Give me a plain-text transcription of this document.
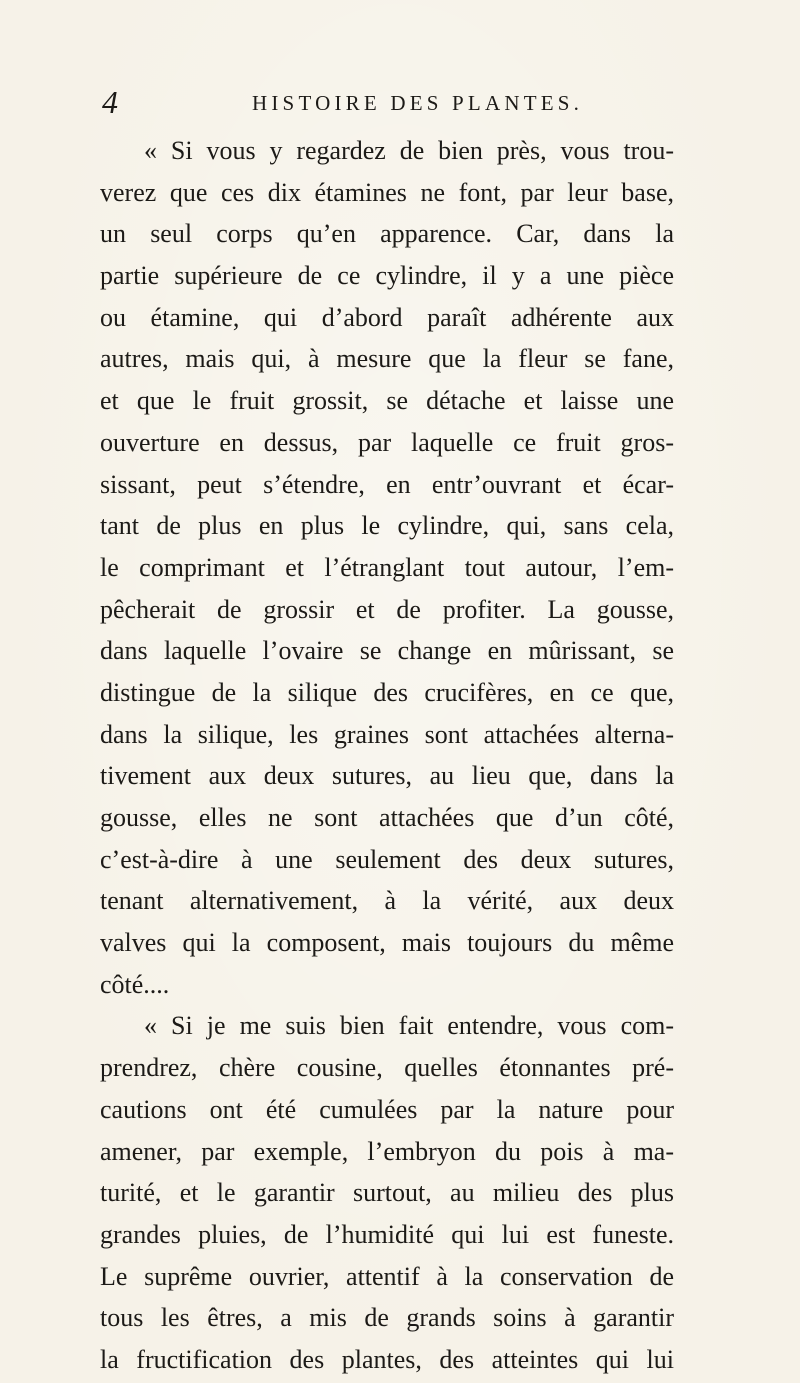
4	HISTOIRE DES PLANTES.
« Si vous y regardez de bien près, vous trou-
verez que ces dix étamines ne font, par leur base,
un seul corps qu’en apparence. Car, dans la
partie supérieure de ce cylindre, il y a une pièce
ou étamine, qui d’abord paraît adhérente aux
autres, mais qui, à mesure que la fleur se fane,
et que le fruit grossit, se détache et laisse une
ouverture en dessus, par laquelle ce fruit gros-
sissant, peut s’étendre, en entr’ouvrant et écar-
tant de plus en plus le cylindre, qui, sans cela,
le comprimant et l’étranglant tout autour, l’em-
pêcherait de grossir et de profiter. La gousse,
dans laquelle l’ovaire se change en mûrissant, se
distingue de la silique des crucifères, en ce que,
dans la silique, les graines sont attachées alterna-
tivement aux deux sutures, au lieu que, dans la
gousse, elles ne sont attachées que d’un côté,
c’est-à-dire à une seulement des deux sutures,
tenant alternativement, à la vérité, aux deux
valves qui la composent, mais toujours du même
côté....
« Si je me suis bien fait entendre, vous com-
prendrez, chère cousine, quelles étonnantes pré-
cautions ont été cumulées par la nature pour
amener, par exemple, l’embryon du pois à ma-
turité, et le garantir surtout, au milieu des plus
grandes pluies, de l’humidité qui lui est funeste.
Le suprême ouvrier, attentif à la conservation de
tous les êtres, a mis de grands soins à garantir
la fructification des plantes, des atteintes qui lui
